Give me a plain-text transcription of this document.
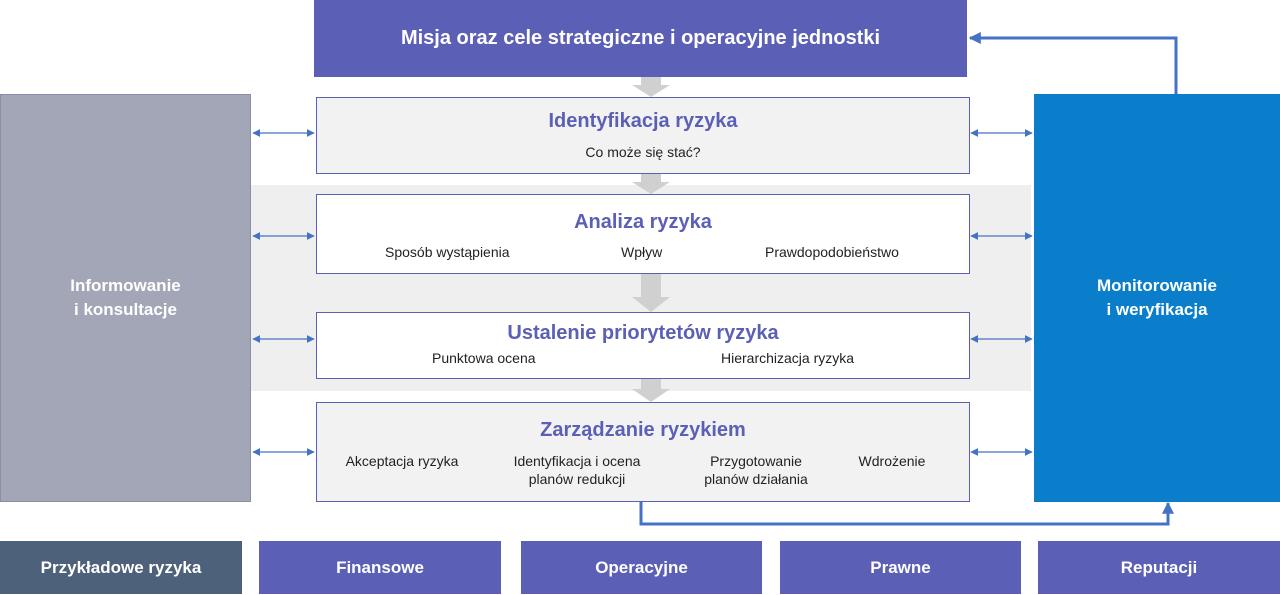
Misja oraz cele strategiczne i operacyjne jednostki
Informowanie
i konsultacje
Monitorowanie
i weryfikacja
Identyfikacja ryzyka
Co może się stać?
Analiza ryzyka
Sposób wystąpienia	Wpływ	Prawdopodobieństwo
Ustalenie priorytetów ryzyka
Punktowa ocena	Hierarchizacja ryzyka
Zarządzanie ryzykiem
Akceptacja ryzyka	Identyfikacja i ocena
planów redukcji
Przygotowanie
planów działania
Wdrożenie
Przykładowe ryzyka	Finansowe	Operacyjne	Prawne	Reputacji
